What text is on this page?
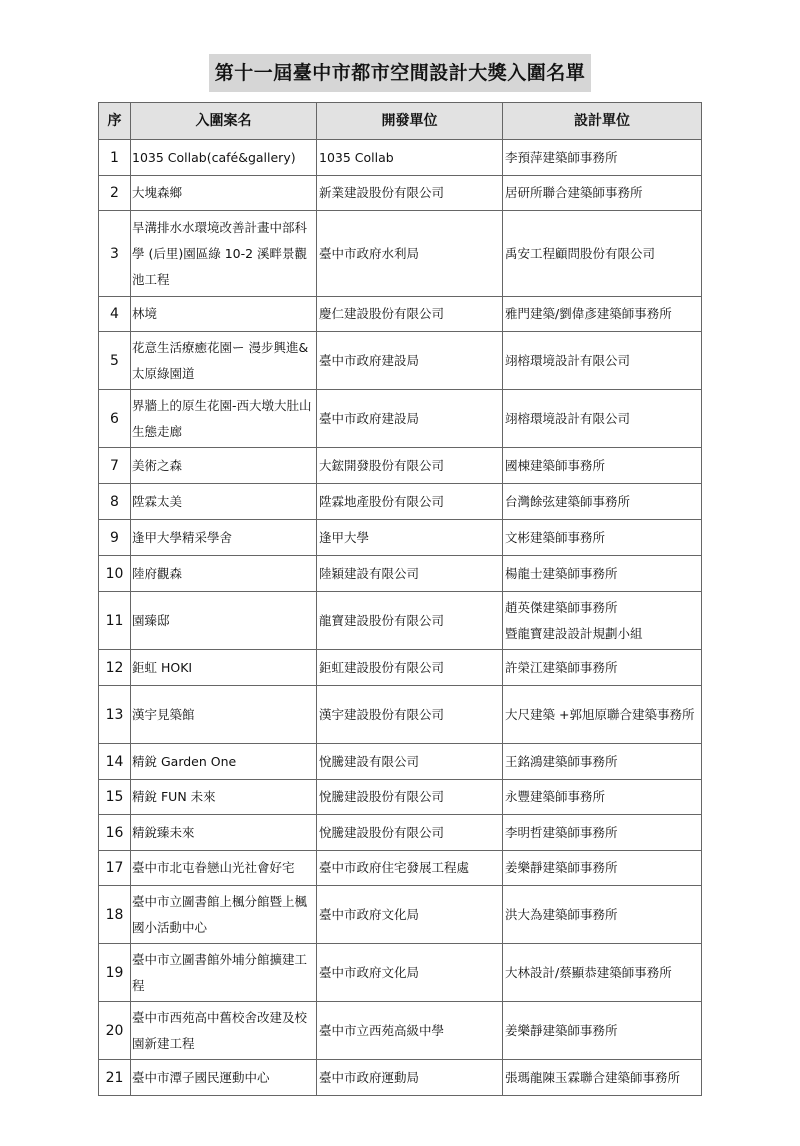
第十一屆臺中市都市空間設計大獎入圍名單
序	入圍案名	開發單位	設計單位
1	1035 Collab(café&gallery)	1035 Collab	李預萍建築師事務所
2	大塊森鄉	新業建設股份有限公司	居研所聯合建築師事務所
3	旱溝排水水環境改善計畫中部科學 (后里)園區綠 10-2 溪畔景觀池工程	臺中市政府水利局	禹安工程顧問股份有限公司
4	林境	慶仁建設股份有限公司	雅門建築/劉偉彥建築師事務所
5	花意生活療癒花園ー 漫步興進&太原綠園道	臺中市政府建設局	翊榕環境設計有限公司
6	界牆上的原生花園-西大墩大肚山生態走廊	臺中市政府建設局	翊榕環境設計有限公司
7	美術之森	大鋐開發股份有限公司	國棟建築師事務所
8	陞霖太美	陞霖地產股份有限公司	台灣餘弦建築師事務所
9	逢甲大學精采學舍	逢甲大學	文彬建築師事務所
10	陸府觀森	陸穎建設有限公司	楊龍士建築師事務所
11	園臻邸	龍寶建設股份有限公司	趙英傑建築師事務所
暨龍寶建設設計規劃小組
12	鉅虹 HOKI	鉅虹建設股份有限公司	許榮江建築師事務所
13	漢宇見築館	漢宇建設股份有限公司	大尺建築 +郭旭原聯合建築事務所
14	精銳 Garden One	悅騰建設有限公司	王銘鴻建築師事務所
15	精銳 FUN 未來	悅騰建設股份有限公司	永豐建築師事務所
16	精銳臻未來	悅騰建設股份有限公司	李明哲建築師事務所
17	臺中市北屯眷戀山光社會好宅	臺中市政府住宅發展工程處	姜樂靜建築師事務所
18	臺中市立圖書館上楓分館暨上楓國小活動中心	臺中市政府文化局	洪大為建築師事務所
19	臺中市立圖書館外埔分館擴建工程	臺中市政府文化局	大林設計/蔡顯恭建築師事務所
20	臺中市西苑高中舊校舍改建及校園新建工程	臺中市立西苑高級中學	姜樂靜建築師事務所
21	臺中市潭子國民運動中心	臺中市政府運動局	張瑪龍陳玉霖聯合建築師事務所
